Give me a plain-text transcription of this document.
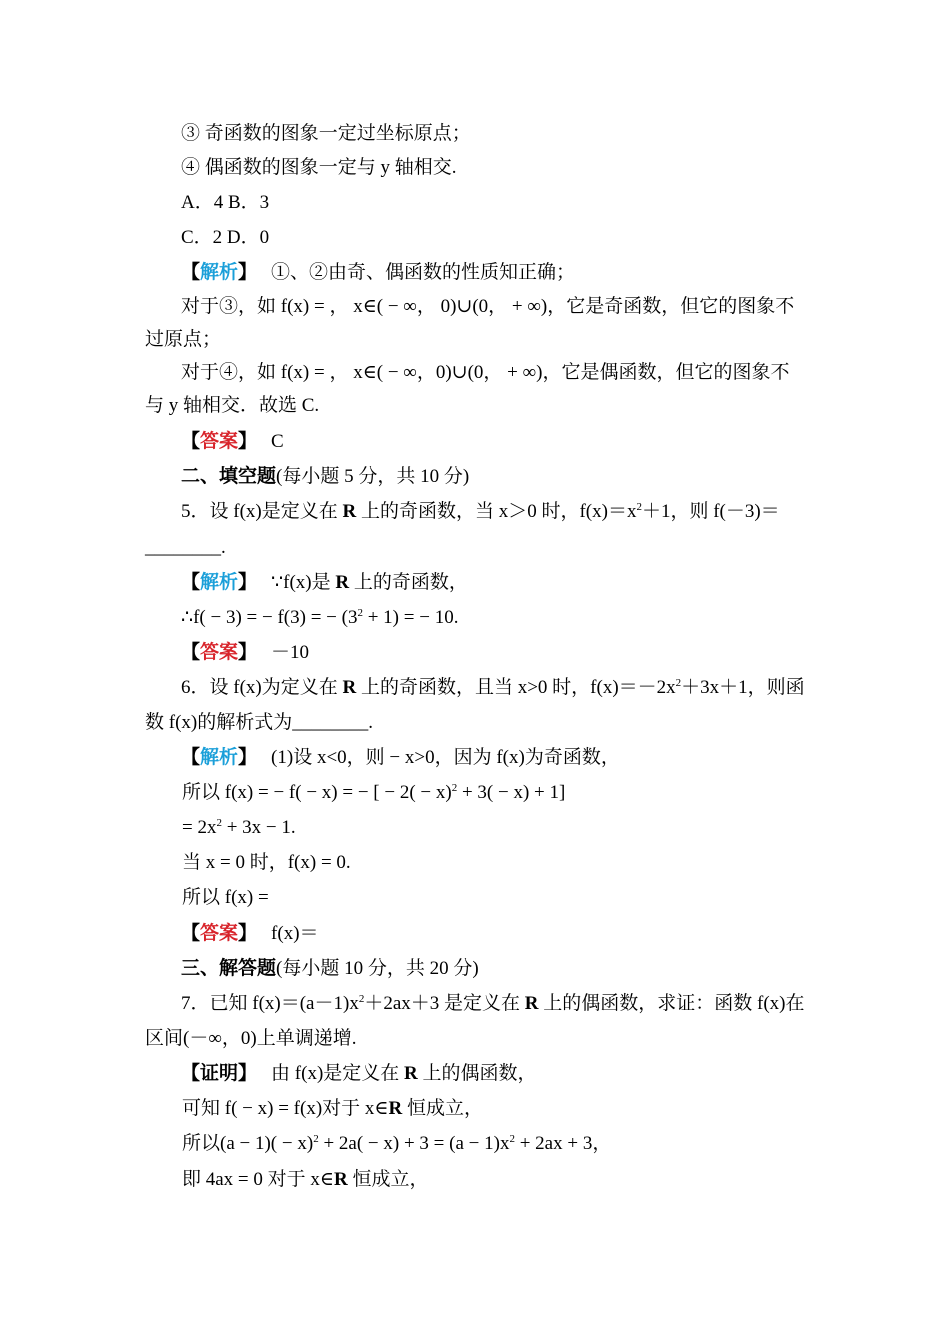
③ 奇函数的图象一定过坐标原点；
④ 偶函数的图象一定与 y 轴相交.
A．4 B．3
C．2 D．0
【解析】 ①、②由奇、偶函数的性质知正确；
对于③，如 f(x) = ， x∈( − ∞， 0)∪(0， + ∞)，它是奇函数，但它的图象不
过原点；
对于④，如 f(x) = ， x∈( − ∞，0)∪(0， + ∞)，它是偶函数，但它的图象不
与 y 轴相交．故选 C.
【答案】 C
二、填空题(每小题 5 分，共 10 分)
5．设 f(x)是定义在 R 上的奇函数，当 x＞0 时，$f(x)=x^2+1$，则 f(－3)＝
________.
【解析】 ∵f(x)是 R 上的奇函数，
∴f( − 3) = − f(3) = − $(3^2 + 1)$ = − 10.
【答案】 －10
6．设 f(x)为定义在 R 上的奇函数，且当 x>0 时，$f(x)=-2x^2+3x+1$，则函
数 f(x)的解析式为________.
【解析】 (1)设 x<0，则 − x>0，因为 f(x)为奇函数，
所以 f(x) = − f( − x) = − [ − $2( - x)^2 + 3( - x) + 1$]
= $2x^2 + 3x - 1$.
当 x = 0 时，f(x) = 0.
所以 f(x) =
【答案】 f(x)＝
三、解答题(每小题 10 分，共 20 分)
7．已知 $f(x)=(a-1)x^2+2ax+3$ 是定义在 R 上的偶函数，求证：函数 f(x)在
区间(－∞，0)上单调递增.
【证明】 由 f(x)是定义在 R 上的偶函数，
可知 f( − x) = f(x)对于 x∈R 恒成立，
所以$(a - 1)( - x)^2 + 2a( - x) + 3 = (a - 1)x^2 + 2ax + 3$，
即 4ax = 0 对于 x∈R 恒成立，
